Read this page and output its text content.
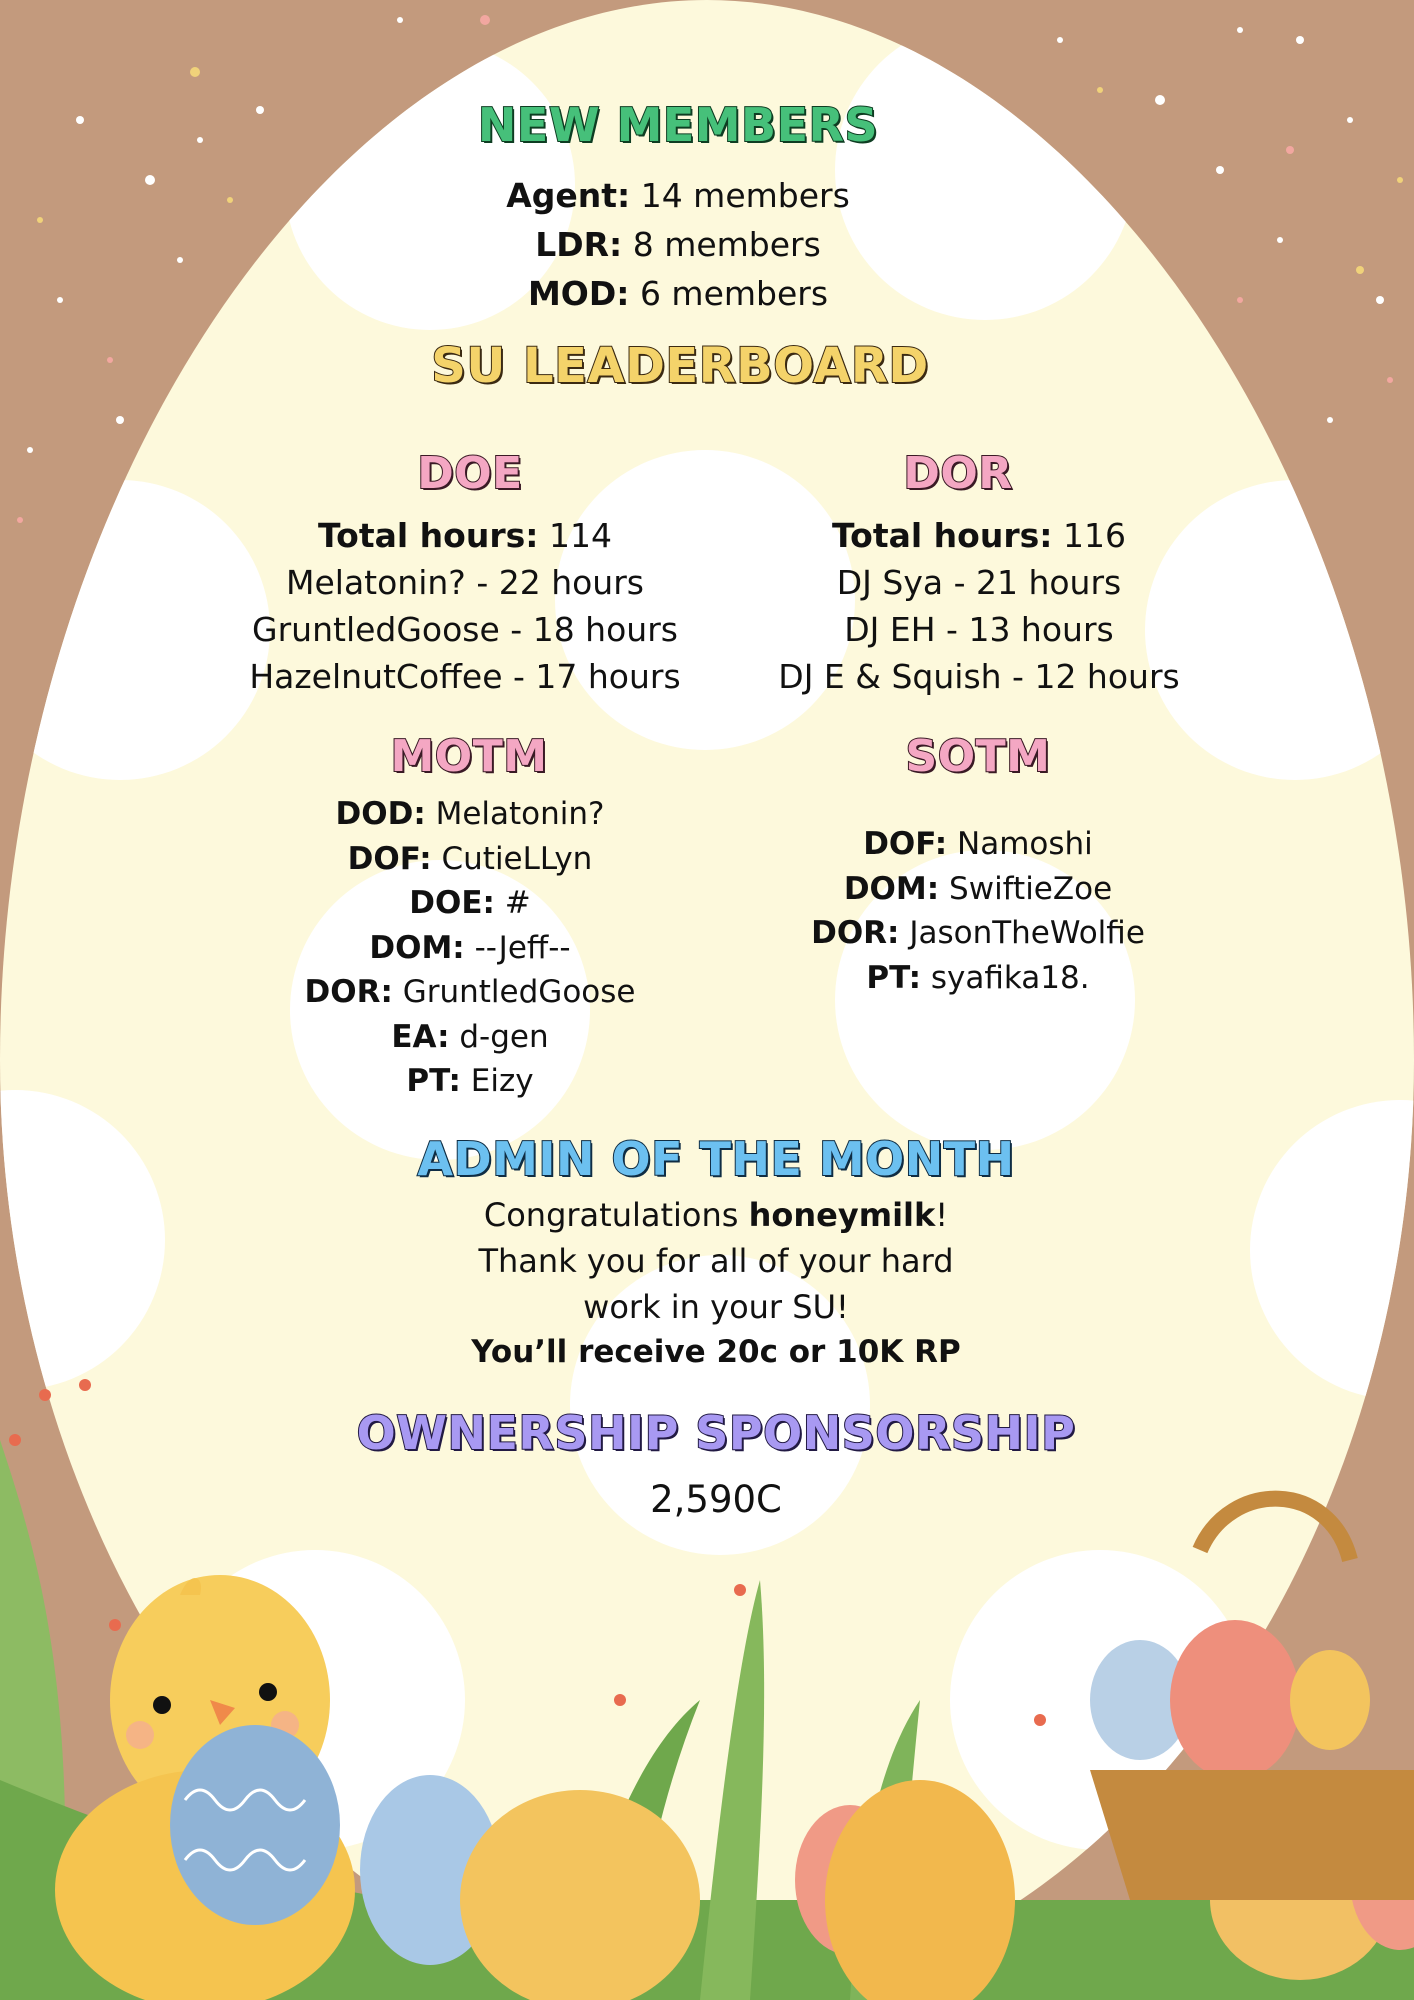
NEW MEMBERS
Agent: 14 members
LDR: 8 members
MOD: 6 members
SU LEADERBOARD
DOE
Total hours: 114
Melatonin? - 22 hours
GruntledGoose - 18 hours
HazelnutCoffee - 17 hours
DOR
Total hours: 116
DJ Sya - 21 hours
DJ EH - 13 hours
DJ E & Squish - 12 hours
MOTM
DOD: Melatonin?
DOF: CutieLLyn
DOE: #
DOM: --Jeff--
DOR: GruntledGoose
EA: d-gen
PT: Eizy
SOTM
DOF: Namoshi
DOM: SwiftieZoe
DOR: JasonTheWolfie
PT: syafika18.
ADMIN OF THE MONTH
Congratulations honeymilk!
Thank you for all of your hard
work in your SU!
You’ll receive 20c or 10K RP
OWNERSHIP SPONSORSHIP
2,590C
